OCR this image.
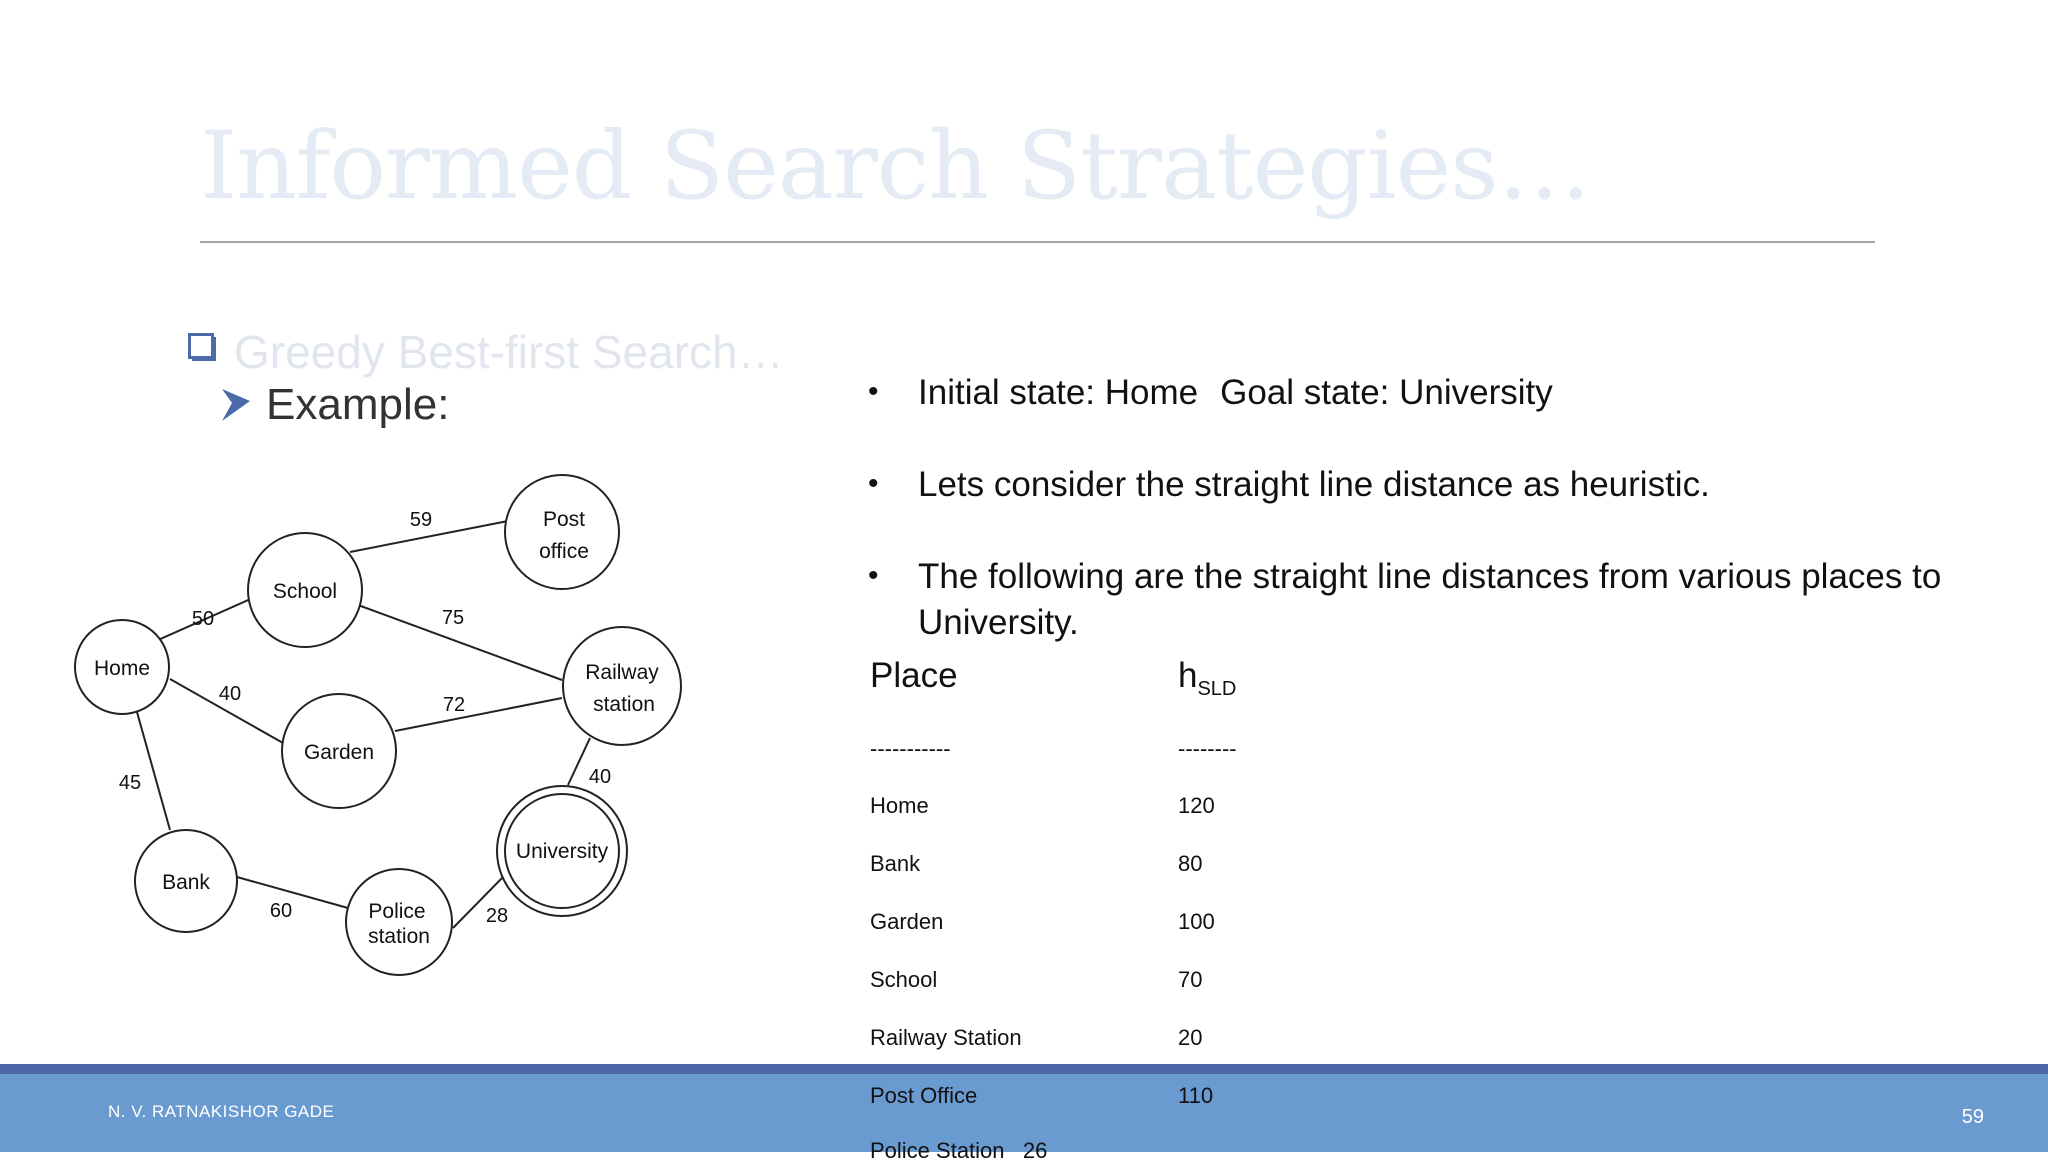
Informed Search Strategies…
Greedy Best-first Search…
Example:
Home
School
Post
office
Railway
station
Garden
University
Bank
Police
station
50
40
45
59
75
72
40
60	28
•	Initial state: Home Goal state: University
•	Lets consider the straight line distance as heuristic.
•	The following are the straight line distances from various places to
University.
Place	$h_{SLD}$
-----------	--------
Home	120
Bank	80
Garden	100
School	70
Railway Station	20
N. V. RATNAKISHOR GADE	59
Post Office	110
Police Station   26
